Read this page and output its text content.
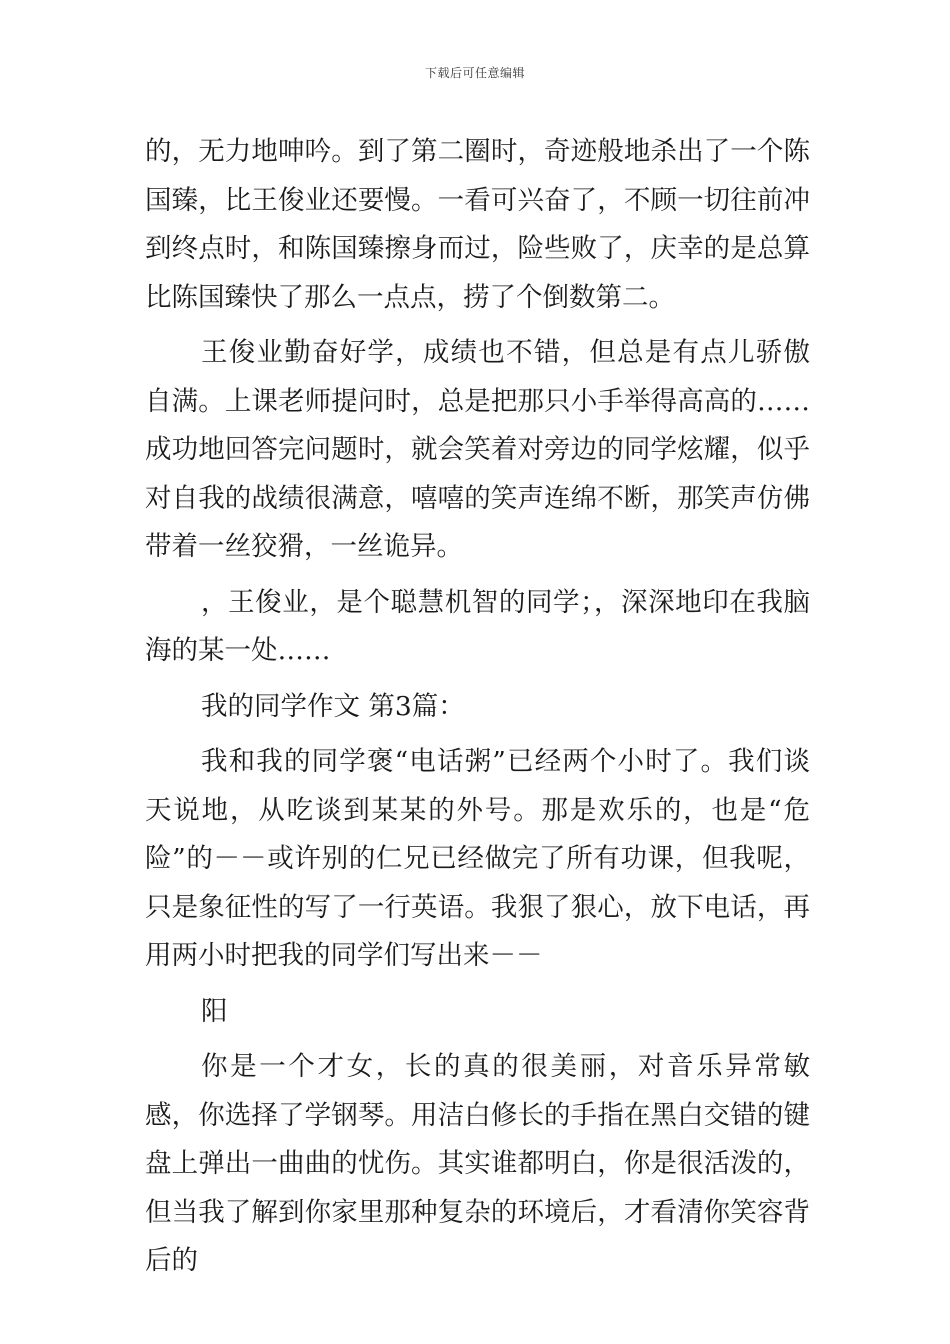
下载后可任意编辑

的，无力地呻吟。到了第二圈时，奇迹般地杀出了一个陈国臻，比王俊业还要慢。一看可兴奋了，不顾一切往前冲到终点时，和陈国臻擦身而过，险些败了，庆幸的是总算比陈国臻快了那么一点点，捞了个倒数第二。

王俊业勤奋好学，成绩也不错，但总是有点儿骄傲自满。上课老师提问时，总是把那只小手举得高高的……成功地回答完问题时，就会笑着对旁边的同学炫耀，似乎对自我的战绩很满意，嘻嘻的笑声连绵不断，那笑声仿佛带着一丝狡猾，一丝诡异。

，王俊业，是个聪慧机智的同学；，深深地印在我脑海的某一处……

我的同学作文 第3篇：

我和我的同学褒“电话粥”已经两个小时了。我们谈天说地，从吃谈到某某的外号。那是欢乐的，也是“危险”的－－或许别的仁兄已经做完了所有功课，但我呢，只是象征性的写了一行英语。我狠了狠心，放下电话，再用两小时把我的同学们写出来－－

阳

你是一个才女，长的真的很美丽，对音乐异常敏感，你选择了学钢琴。用洁白修长的手指在黑白交错的键盘上弹出一曲曲的忧伤。其实谁都明白，你是很活泼的，但当我了解到你家里那种复杂的环境后，才看清你笑容背后的
